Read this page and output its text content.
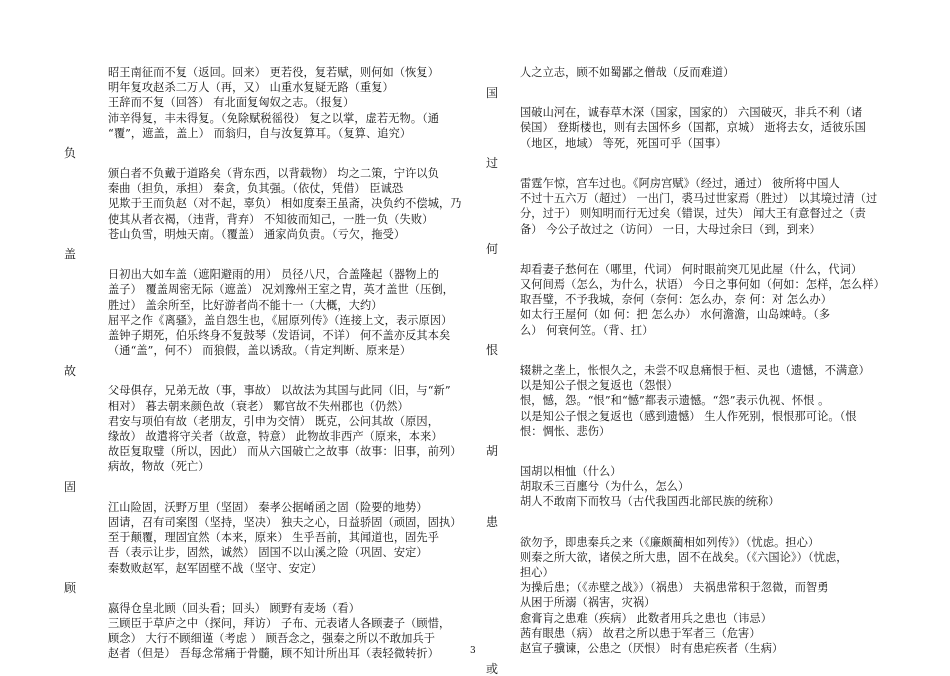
昭王南征而不复（返回。回来） 更若役，复若赋，则何如（恢复）
明年复攻赵杀二万人（再，又） 山重水复疑无路（重复）
王辞而不复（回答） 有北面复匈奴之志。（报复）
沛辛得复，丰未得复。（免除赋税徭役） 复之以掌，虚若无物。（通
“覆”，遮盖，盖上） 而翁归，自与汝复算耳。（复算、追究）
负
颁白者不负戴于道路矣（背东西，以背载物） 均之二策，宁许以负
秦曲（担负，承担） 秦贪，负其强。（依仗，凭借） 臣诚恐
见欺于王而负赵（对不起，辜负） 相如度秦王虽斋，决负约不偿城，乃
使其从者衣褐，（违背，背弃） 不知彼而知己，一胜一负（失败）
苍山负雪，明烛天南。（覆盖） 通家尚负责。（亏欠，拖受）
盖
日初出大如车盖（遮阳避雨的用） 员径八尺，合盖隆起（器物上的
盖子） 覆盖周密无际（遮盖） 况刘豫州王室之胄，英才盖世（压倒，
胜过） 盖余所至，比好游者尚不能十一（大概，大约）
屈平之作《离骚》，盖自怨生也，《屈原列传》（连接上文，表示原因）
盖钟子期死，伯乐终身不复鼓琴（发语词，不详） 何不盖亦反其本矣
（通“盖”，何不） 而狼假，盖以诱敌。（肯定判断、原来是）
故
父母俱存，兄弟无故（事，事故） 以故法为其国与此同（旧，与“新”
相对） 暮去朝来颜色故（衰老） 鄹官故不失州郡也（仍然）
君安与项伯有故（老朋友，引申为交情） 既克，公问其故（原因，
缘故） 故遣将守关者（故意，特意） 此物故非西产（原来，本来）
故臣复取璧（所以，因此） 而从六国破亡之故事（故事：旧事，前列）
病故，物故（死亡）
固
江山险固，沃野万里（坚固） 秦孝公据崤函之固（险要的地势）
固请，召有司案图（坚持，坚决） 独夫之心，日益骄固（顽固，固执）
至于颠覆，理固宜然（本来，原来） 生乎吾前，其闻道也，固先乎
吾（表示让步，固然，诚然） 固国不以山溪之险（巩固、安定）
秦数败赵军，赵军固壁不战（坚守、安定）
顾
嬴得仓皇北顾（回头看；回头） 顾野有麦场（看）
三顾臣于草庐之中（探问，拜访） 子布、元表诸人各顾妻子（顾惜，
顾念） 大行不顾细谨（考虑 ） 顾吾念之，强秦之所以不敢加兵于
赵者（但是） 吾每念常痛于骨髓，顾不知计所出耳（表轻微转折）
人之立志，顾不如蜀鄙之僧哉（反而难道）
国
国破山河在，诚春草木深（国家，国家的） 六国破灭，非兵不利（诸
侯国） 登斯楼也，则有去国怀乡（国都，京城） 逝将去女，适彼乐国
（地区，地域） 等死，死国可乎（国事）
过
雷霆乍惊，宫车过也。《阿房宫赋》（经过，通过） 彼所将中国人
不过十五六万（超过） 一出门，裘马过世家焉（胜过） 以其境过清（过
分，过于） 则知明而行无过矣（错误，过失） 闻大王有意督过之（责
备） 今公子故过之（访问） 一日，大母过余曰（到，到来）
何
却看妻子愁何在（哪里，代词） 何时眼前突兀见此屋（什么，代词）
又何间焉（怎么，为什么，状语） 今日之事何如（何如：怎样，怎么样）
取吾璧，不予我城，奈何（奈何：怎么办，奈 何：对 怎么办）
如太行王屋何（如 何：把 怎么办） 水何澹澹，山岛竦峙。（多
么） 何衰何笠。（背、扛）
恨
辍耕之垄上，怅恨久之，未尝不叹息痛恨于桓、灵也（遗憾，不满意）
以是知公子恨之复返也（怨恨）
恨，憾，怨。“恨”和“憾”都表示遗憾。“怨”表示仇视、怀恨 。
以是知公子恨之复返也（感到遗憾） 生人作死别，恨恨那可论。（恨
恨：惆怅、悲伤）
胡
国胡以相恤（什么）
胡取禾三百廛兮（为什么，怎么）
胡人不敢南下而牧马（古代我国西北部民族的统称）
患
欲勿予，即患秦兵之来（《廉颇蔺相如列传》）（忧虑。担心）
则秦之所大欲，诸侯之所大患，固不在战矣。（《六国论》）（忧虑，
担心）
为操后患；（《赤壁之战》）（祸患） 夫祸患常积于忽微，而智勇
从困于所溺（祸害，灾祸）
愈膏肓之患难（疾病） 此数者用兵之患也（讳忌）
茜有眼患（病） 故君之所以患于军者三（危害）
赵宣子骥谏，公患之（厌恨） 时有患疟疾者（生病）
或
3
